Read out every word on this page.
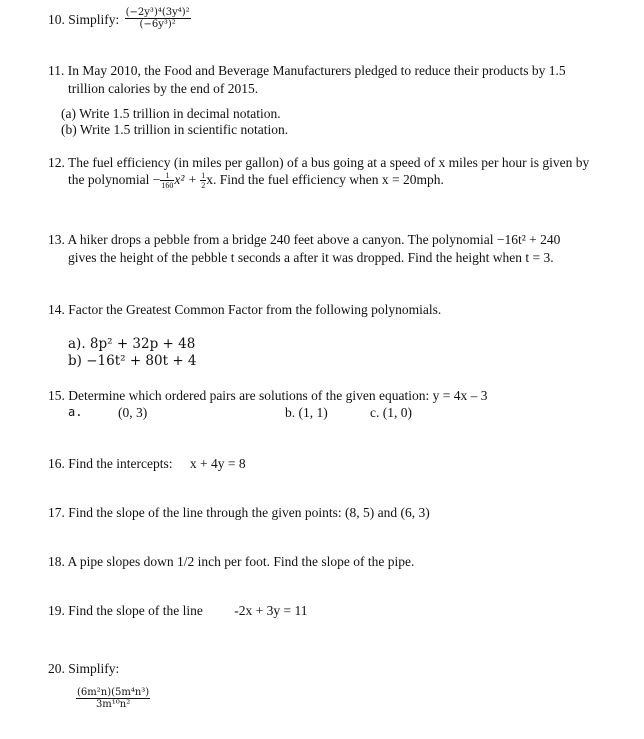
10. Simplify: $\frac{\text{(−2y³)⁴(3y⁴)²}}{\text{(−6y³)²}}$
11. In May 2010, the Food and Beverage Manufacturers pledged to reduce their products by 1.5
trillion calories by the end of 2015.
(a) Write 1.5 trillion in decimal notation.
(b) Write 1.5 trillion in scientific notation.
12. The fuel efficiency (in miles per gallon) of a bus going at a speed of x miles per hour is given by
the polynomial − $\frac{1}{160} x^2 + \frac{1}{2} x$. Find the fuel efficiency when x = 20mph.
13. A hiker drops a pebble from a bridge 240 feet above a canyon. The polynomial −16t² + 240
gives the height of the pebble t seconds a after it was dropped. Find the height when t = 3.
14. Factor the Greatest Common Factor from the following polynomials.
a). 8p² + 32p + 48
b) −16t² + 80t + 4
15. Determine which ordered pairs are solutions of the given equation: y = 4x – 3
a.	(0, 3)	b. (1, 1)	c. (1, 0)
16. Find the intercepts: x + 4y = 8
17. Find the slope of the line through the given points: (8, 5) and (6, 3)
18. A pipe slopes down 1/2 inch per foot. Find the slope of the pipe.
19. Find the slope of the line -2x + 3y = 11
20. Simplify:
$\frac{\text{(6m²n)(5m⁴n³)}}{\text{3m¹⁰n²}}$
